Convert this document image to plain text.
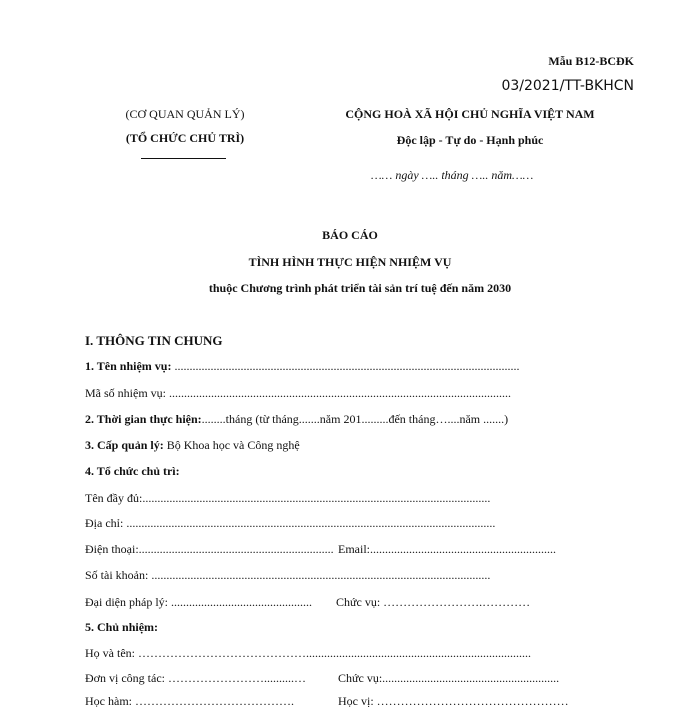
Mẫu B12-BCĐK
03/2021/TT-BKHCN
(CƠ QUAN QUẢN LÝ)
(TỔ CHỨC CHỦ TRÌ)
CỘNG HOÀ XÃ HỘI CHỦ NGHĨA VIỆT NAM
Độc lập - Tự do - Hạnh phúc
…… ngày ….. tháng ….. năm……
BÁO CÁO
TÌNH HÌNH THỰC HIỆN NHIỆM VỤ
thuộc Chương trình phát triển tài sản trí tuệ đến năm 2030
I. THÔNG TIN CHUNG
1. Tên nhiệm vụ: ...................................................................................................................
Mã số nhiệm vụ: ..................................................................................................................
2. Thời gian thực hiện:........tháng (từ tháng.......năm 201.........đến tháng…....năm .......)
3. Cấp quản lý: Bộ Khoa học và Công nghệ
4. Tổ chức chủ trì:
Tên đầy đủ:....................................................................................................................
Địa chỉ: ...........................................................................................................................
Điện thoại:................................................................. Email:..............................................................
Số tài khoản: .................................................................................................................
Đại diện pháp lý: ............................................... Chức vụ: …………………….…………
5. Chủ nhiệm:
Họ và tên: ……………………………………...........................................................................
Đơn vị công tác: ……………………..........…	Chức vụ:...........................................................
Học hàm: ………………………………….	Học vị: …………………………………………
